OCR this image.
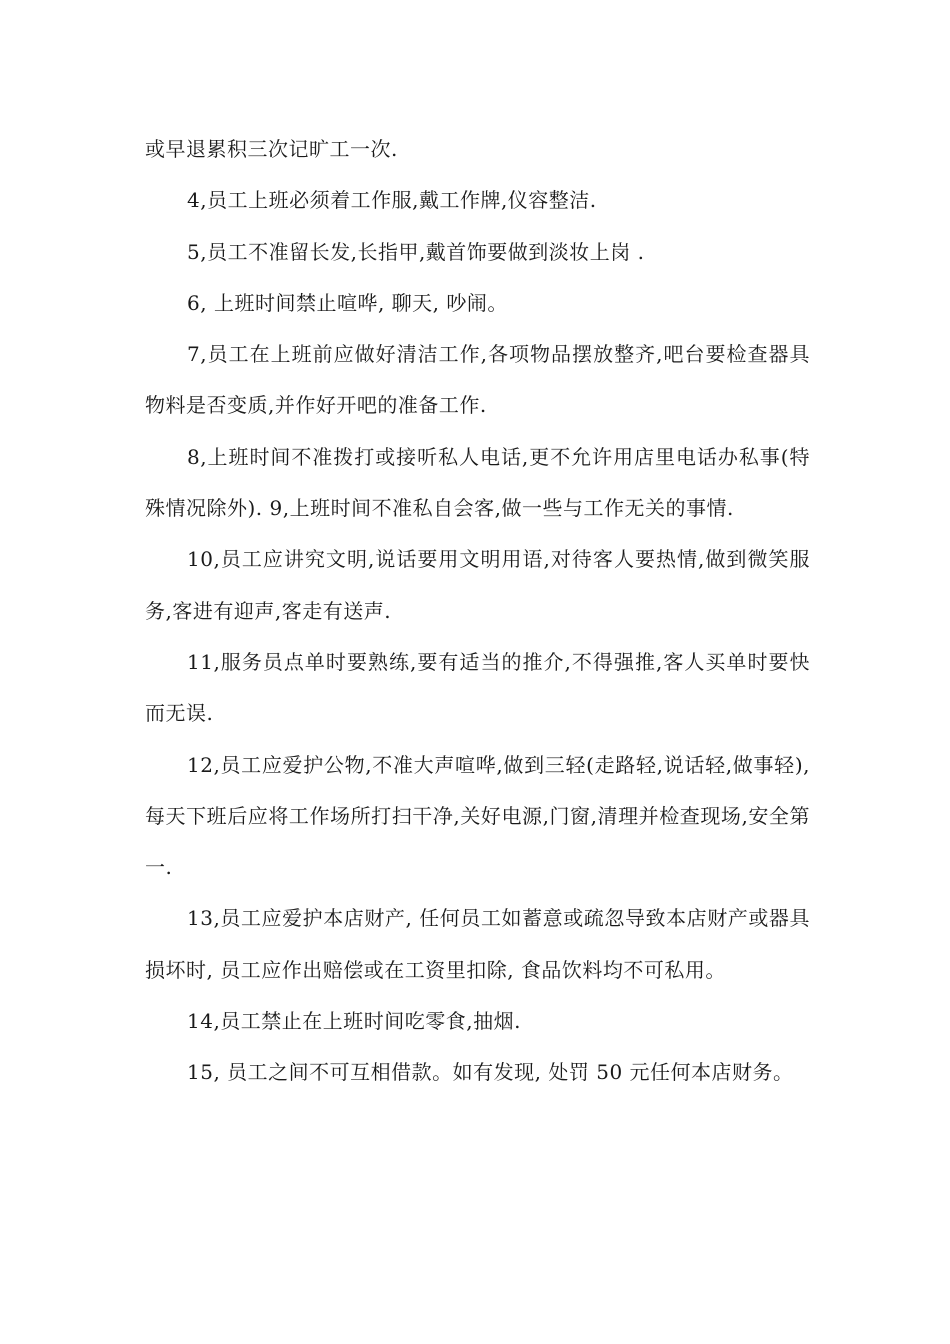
或早退累积三次记旷工一次.

4,员工上班必须着工作服,戴工作牌,仪容整洁.

5,员工不准留长发,长指甲,戴首饰要做到淡妆上岗 .

6, 上班时间禁止喧哗, 聊天, 吵闹。

7,员工在上班前应做好清洁工作,各项物品摆放整齐,吧台要检查器具物料是否变质,并作好开吧的准备工作.

8,上班时间不准拨打或接听私人电话,更不允许用店里电话办私事(特殊情况除外). 9,上班时间不准私自会客,做一些与工作无关的事情.

10,员工应讲究文明,说话要用文明用语,对待客人要热情,做到微笑服务,客进有迎声,客走有送声.

11,服务员点单时要熟练,要有适当的推介,不得强推,客人买单时要快而无误.

12,员工应爱护公物,不准大声喧哗,做到三轻(走路轻,说话轻,做事轻),每天下班后应将工作场所打扫干净,关好电源,门窗,清理并检查现场,安全第一.

13,员工应爱护本店财产, 任何员工如蓄意或疏忽导致本店财产或器具损坏时, 员工应作出赔偿或在工资里扣除, 食品饮料均不可私用。

14,员工禁止在上班时间吃零食,抽烟.

15, 员工之间不可互相借款。如有发现, 处罚 50 元任何本店财务。
